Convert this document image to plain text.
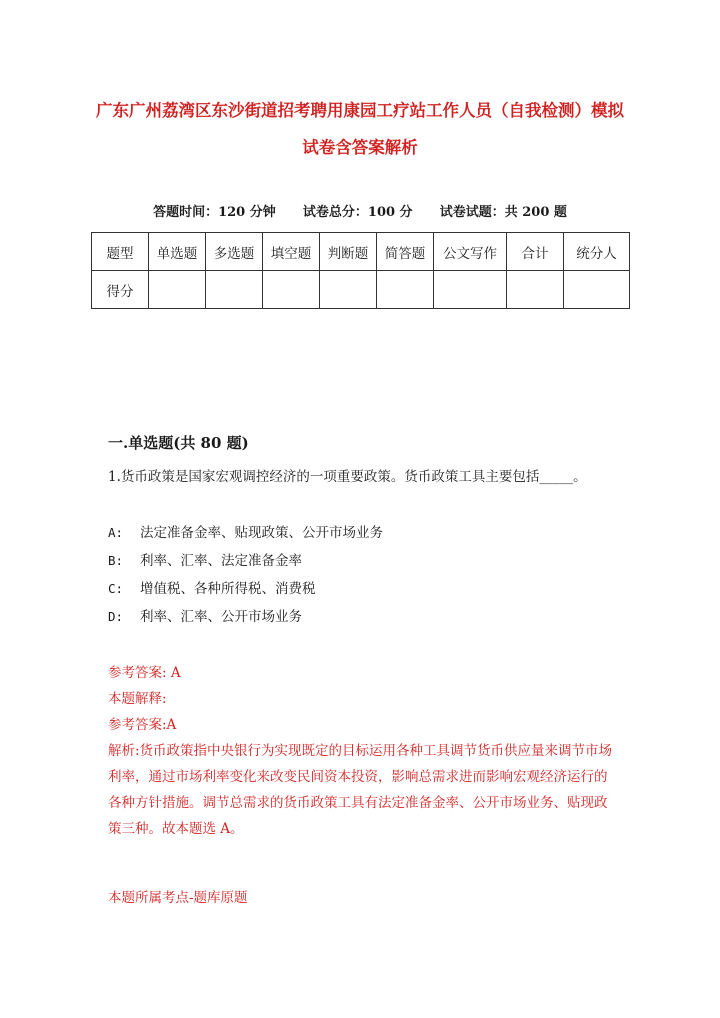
广东广州荔湾区东沙街道招考聘用康园工疗站工作人员（自我检测）模拟试卷含答案解析
答题时间：120 分钟      试卷总分：100 分      试卷试题：共 200 题
题型	单选题	多选题	填空题	判断题	简答题	公文写作	合计	统分人
得分								
一.单选题(共 80 题)
1.货币政策是国家宏观调控经济的一项重要政策。货币政策工具主要包括_____。
A: 法定准备金率、贴现政策、公开市场业务
B: 利率、汇率、法定准备金率
C: 增值税、各种所得税、消费税
D: 利率、汇率、公开市场业务
参考答案: A
本题解释:
参考答案:A
解析:货币政策指中央银行为实现既定的目标运用各种工具调节货币供应量来调节市场利率，通过市场利率变化来改变民间资本投资，影响总需求进而影响宏观经济运行的各种方针措施。调节总需求的货币政策工具有法定准备金率、公开市场业务、贴现政策三种。故本题选 A。
本题所属考点-题库原题
